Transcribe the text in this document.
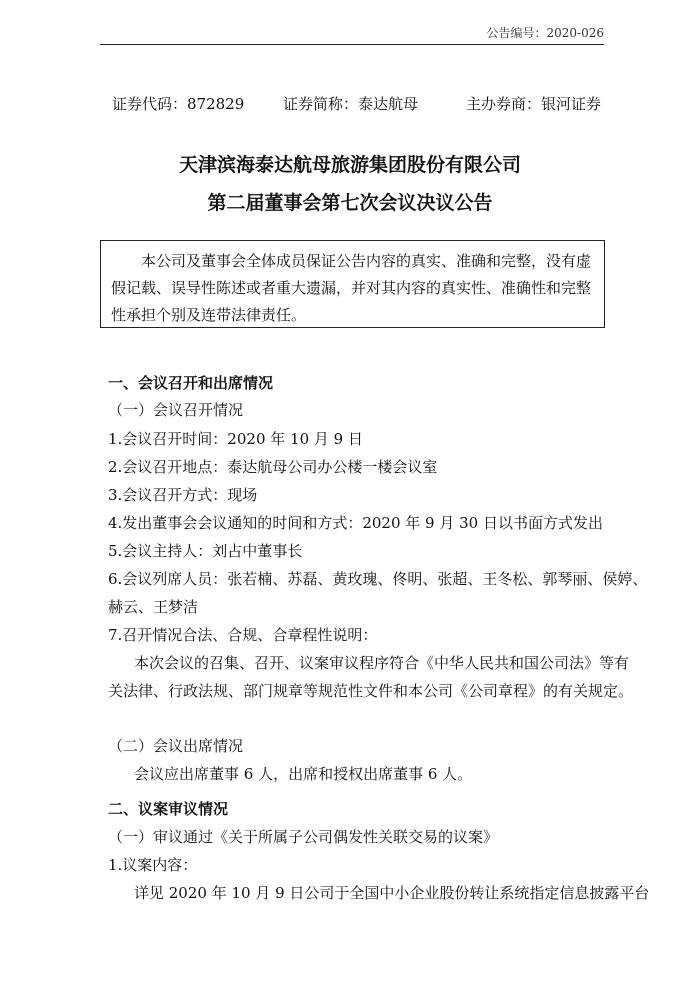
公告编号：2020-026
证券代码：872829	证券简称：泰达航母	主办券商：银河证券
天津滨海泰达航母旅游集团股份有限公司
第二届董事会第七次会议决议公告

本公司及董事会全体成员保证公告内容的真实、准确和完整，没有虚假记载、误导性陈述或者重大遗漏，并对其内容的真实性、准确性和完整性承担个别及连带法律责任。

一、会议召开和出席情况
（一）会议召开情况
1.会议召开时间：2020 年 10 月 9 日
2.会议召开地点：泰达航母公司办公楼一楼会议室
3.会议召开方式：现场
4.发出董事会会议通知的时间和方式：2020 年 9 月 30 日以书面方式发出
5.会议主持人：刘占中董事长
6.会议列席人员：张若楠、苏磊、黄玫瑰、佟明、张超、王冬松、郭琴丽、侯婷、
赫云、王梦洁
7.召开情况合法、合规、合章程性说明：
本次会议的召集、召开、议案审议程序符合《中华人民共和国公司法》等有
关法律、行政法规、部门规章等规范性文件和本公司《公司章程》的有关规定。
（二）会议出席情况
会议应出席董事 6 人，出席和授权出席董事 6 人。
二、议案审议情况
（一）审议通过《关于所属子公司偶发性关联交易的议案》
1.议案内容：
详见 2020 年 10 月 9 日公司于全国中小企业股份转让系统指定信息披露平台
